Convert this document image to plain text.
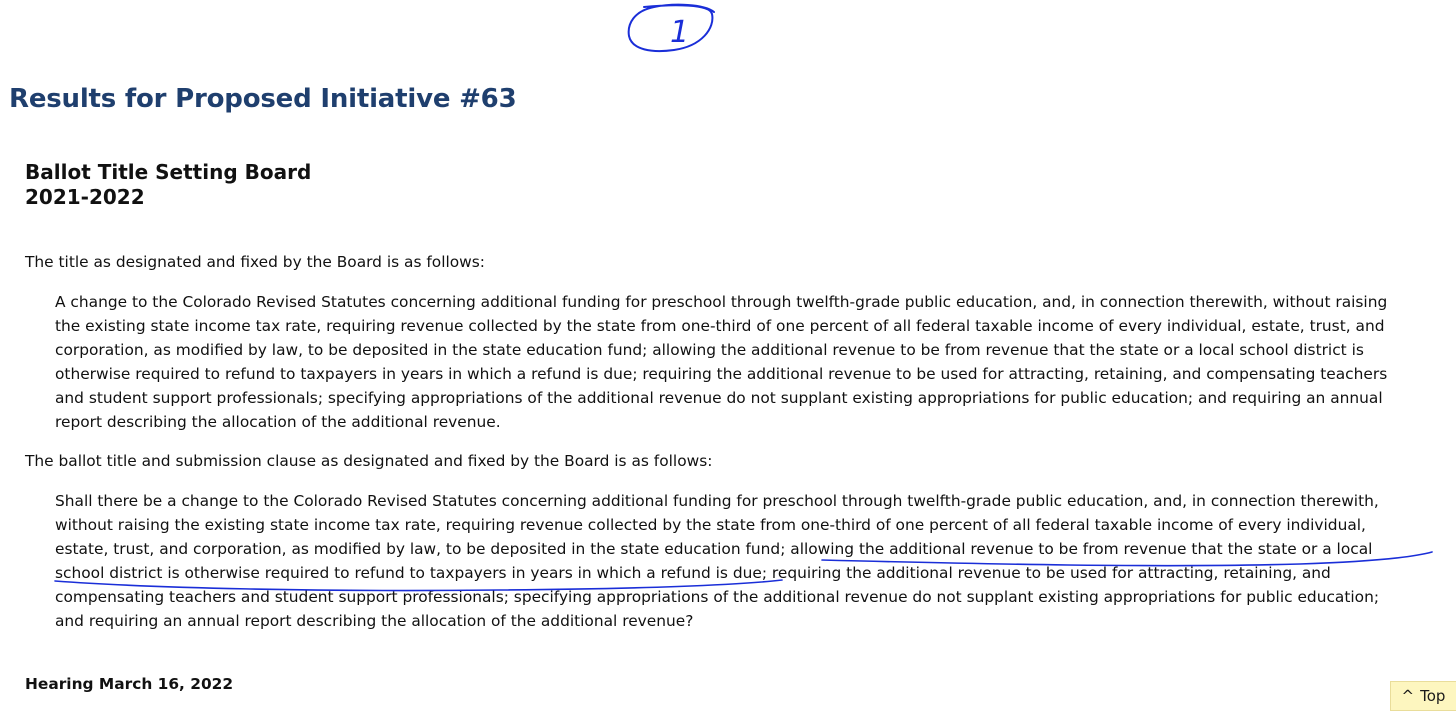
1
Results for Proposed Initiative #63
Ballot Title Setting Board
2021-2022

The title as designated and fixed by the Board is as follows:

A change to the Colorado Revised Statutes concerning additional funding for preschool through twelfth-grade public education, and, in connection therewith, without raising
the existing state income tax rate, requiring revenue collected by the state from one-third of one percent of all federal taxable income of every individual, estate, trust, and
corporation, as modified by law, to be deposited in the state education fund; allowing the additional revenue to be from revenue that the state or a local school district is
otherwise required to refund to taxpayers in years in which a refund is due; requiring the additional revenue to be used for attracting, retaining, and compensating teachers
and student support professionals; specifying appropriations of the additional revenue do not supplant existing appropriations for public education; and requiring an annual
report describing the allocation of the additional revenue.

The ballot title and submission clause as designated and fixed by the Board is as follows:

Shall there be a change to the Colorado Revised Statutes concerning additional funding for preschool through twelfth-grade public education, and, in connection therewith,
without raising the existing state income tax rate, requiring revenue collected by the state from one-third of one percent of all federal taxable income of every individual,
estate, trust, and corporation, as modified by law, to be deposited in the state education fund; allowing the additional revenue to be from revenue that the state or a local
school district is otherwise required to refund to taxpayers in years in which a refund is due; requiring the additional revenue to be used for attracting, retaining, and
compensating teachers and student support professionals; specifying appropriations of the additional revenue do not supplant existing appropriations for public education;
and requiring an annual report describing the allocation of the additional revenue?

Hearing March 16, 2022

^ Top
